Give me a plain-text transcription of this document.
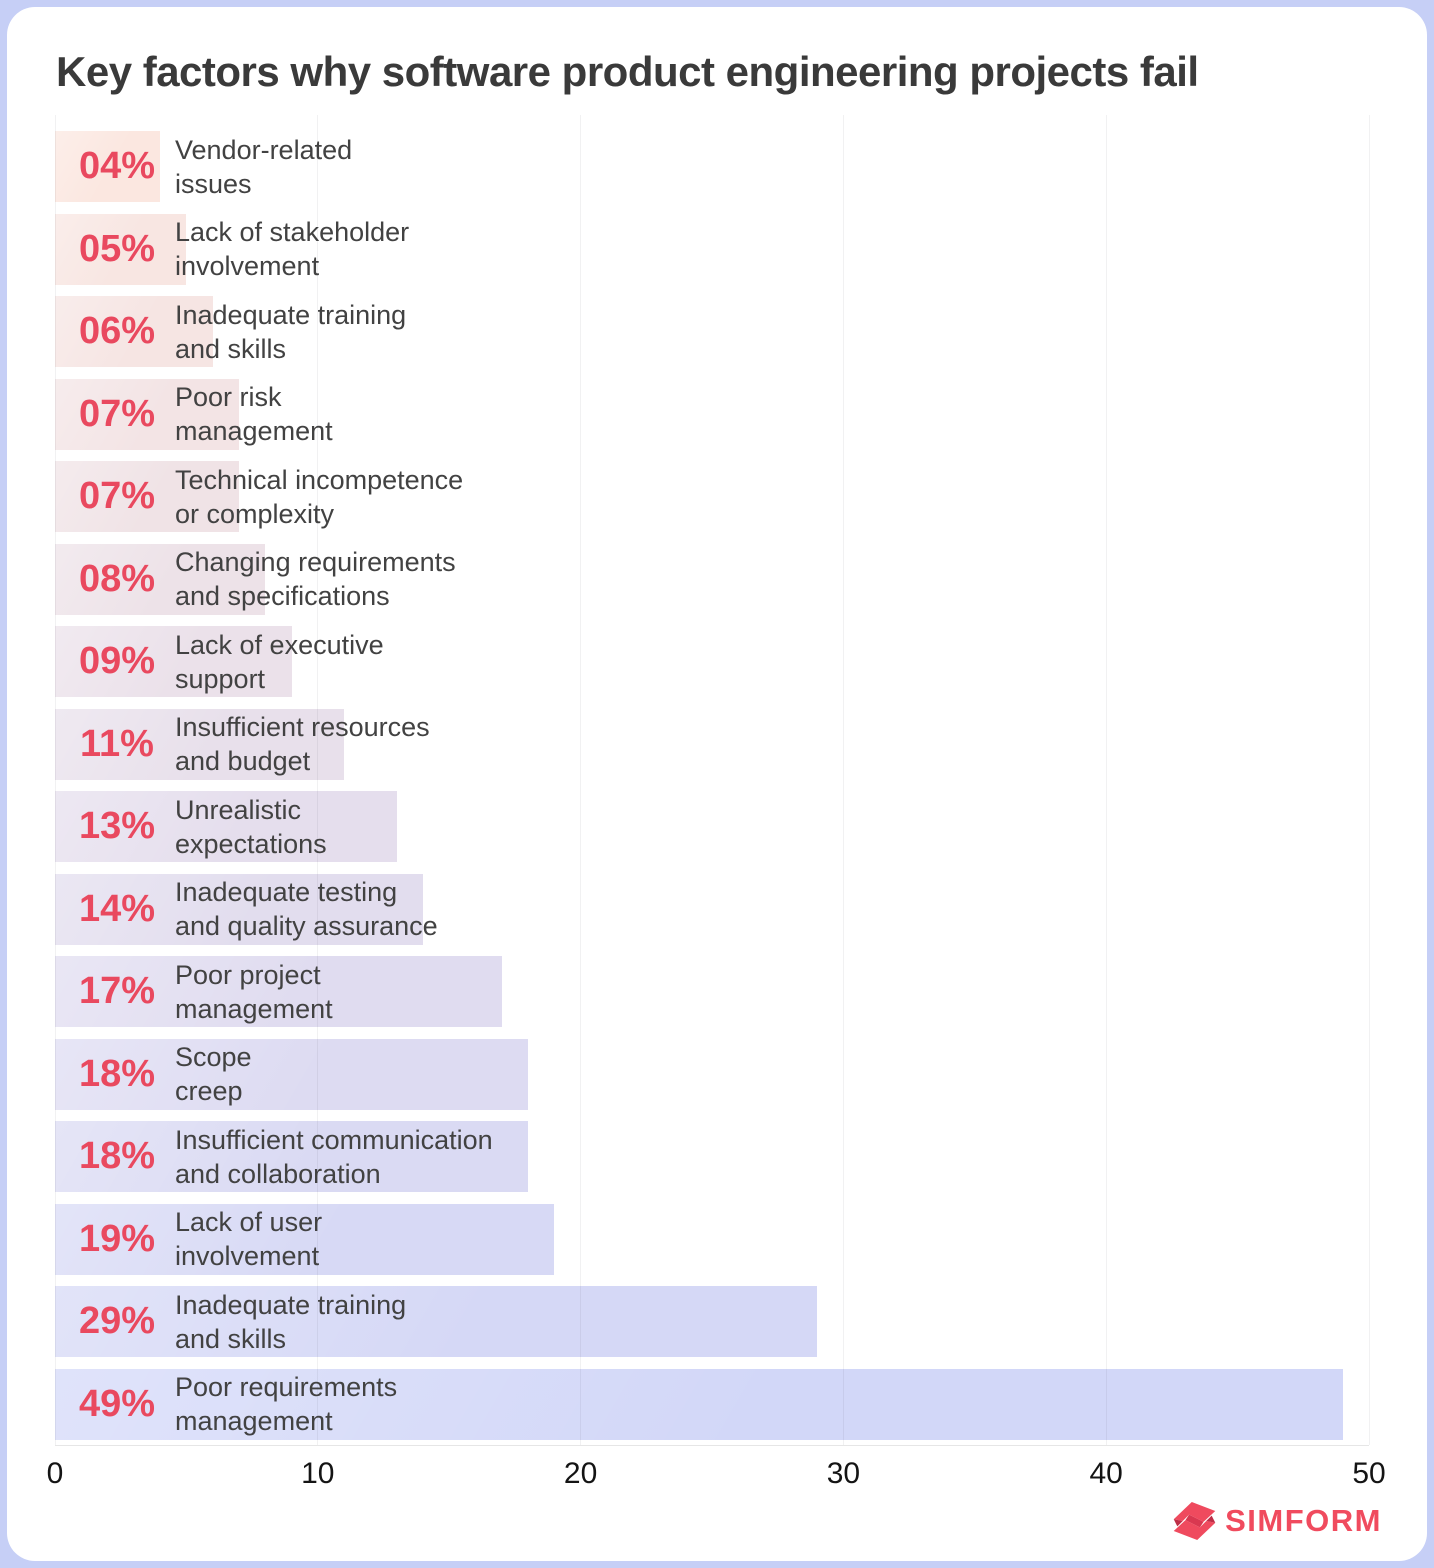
Key factors why software product engineering projects fail
04% Vendor-related
issues
05% Lack of stakeholder
involvement
06% Inadequate training
and skills
07% Poor risk
management
07% Technical incompetence
or complexity
08% Changing requirements
and specifications
09% Lack of executive
support
11% Insufficient resources
and budget
13% Unrealistic
expectations
14% Inadequate testing
and quality assurance
17% Poor project
management
18% Scope
creep
18% Insufficient communication
and collaboration
19% Lack of user
involvement
29% Inadequate training
and skills
49% Poor requirements
management
0	10	20	30	40	50
SIMFORM
